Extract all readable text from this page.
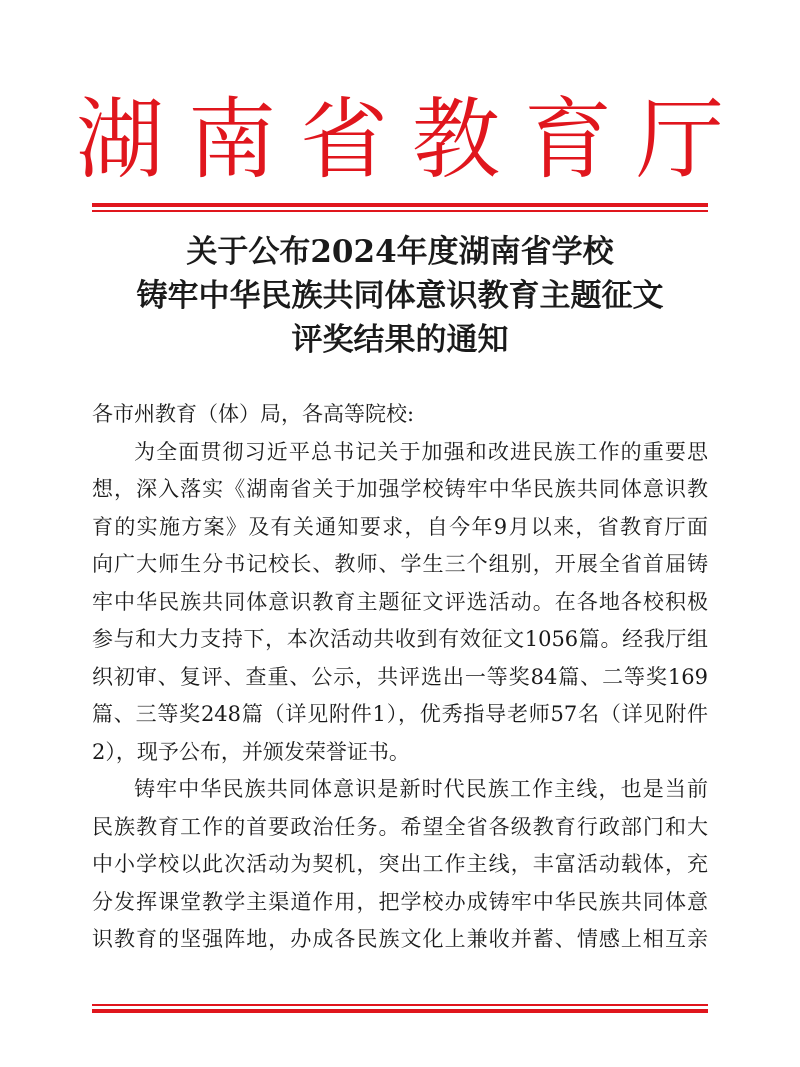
湖南省教育厅
关于公布2024年度湖南省学校
铸牢中华民族共同体意识教育主题征文
评奖结果的通知
各市州教育（体）局，各高等院校:
为全面贯彻习近平总书记关于加强和改进民族工作的重要思
想，深入落实《湖南省关于加强学校铸牢中华民族共同体意识教
育的实施方案》及有关通知要求，自今年9月以来，省教育厅面
向广大师生分书记校长、教师、学生三个组别，开展全省首届铸
牢中华民族共同体意识教育主题征文评选活动。在各地各校积极
参与和大力支持下，本次活动共收到有效征文1056篇。经我厅组
织初审、复评、查重、公示，共评选出一等奖84篇、二等奖169
篇、三等奖248篇（详见附件1），优秀指导老师57名（详见附件
2），现予公布，并颁发荣誉证书。
铸牢中华民族共同体意识是新时代民族工作主线，也是当前
民族教育工作的首要政治任务。希望全省各级教育行政部门和大
中小学校以此次活动为契机，突出工作主线，丰富活动载体，充
分发挥课堂教学主渠道作用，把学校办成铸牢中华民族共同体意
识教育的坚强阵地，办成各民族文化上兼收并蓄、情感上相互亲
